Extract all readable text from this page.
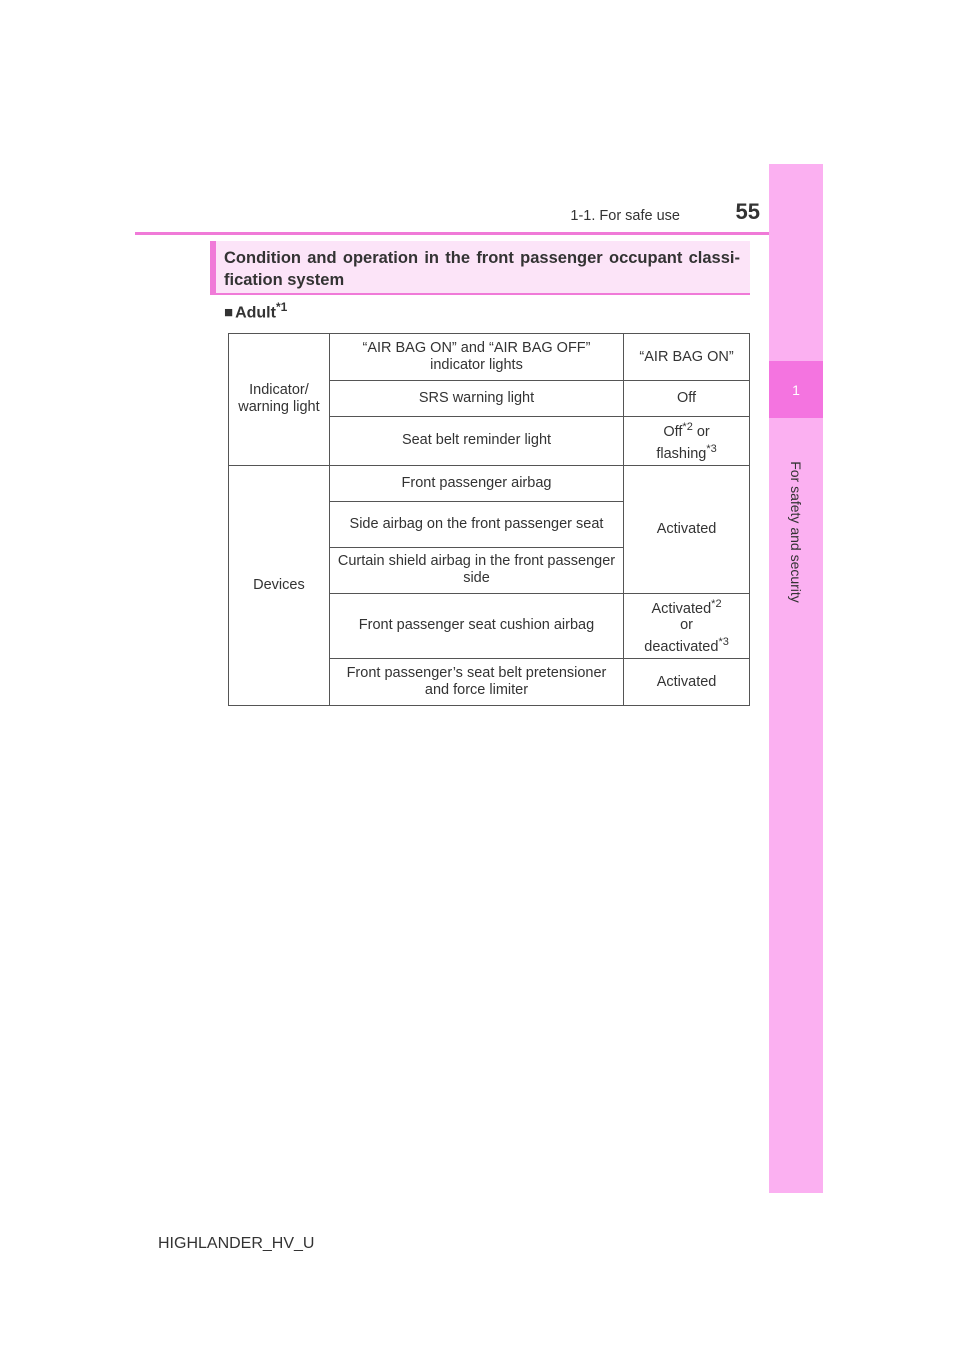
1-1. For safe use	55
1
For safety and security
Condition and operation in the front passenger occupant classi-fication system
■ Adult$^{*1}$
Indicator/ warning light	“AIR BAG ON” and “AIR BAG OFF” indicator lights	“AIR BAG ON”
	SRS warning light	Off
	Seat belt reminder light	Off$^{*2}$ or
flashing$^{*3}$
Devices	Front passenger airbag	Activated
	Side airbag on the front passenger seat	
	Curtain shield airbag in the front passenger side	
	Front passenger seat cushion airbag	Activated$^{*2}$
or
deactivated$^{*3}$
	Front passenger’s seat belt pretensioner and force limiter	Activated
HIGHLANDER_HV_U
